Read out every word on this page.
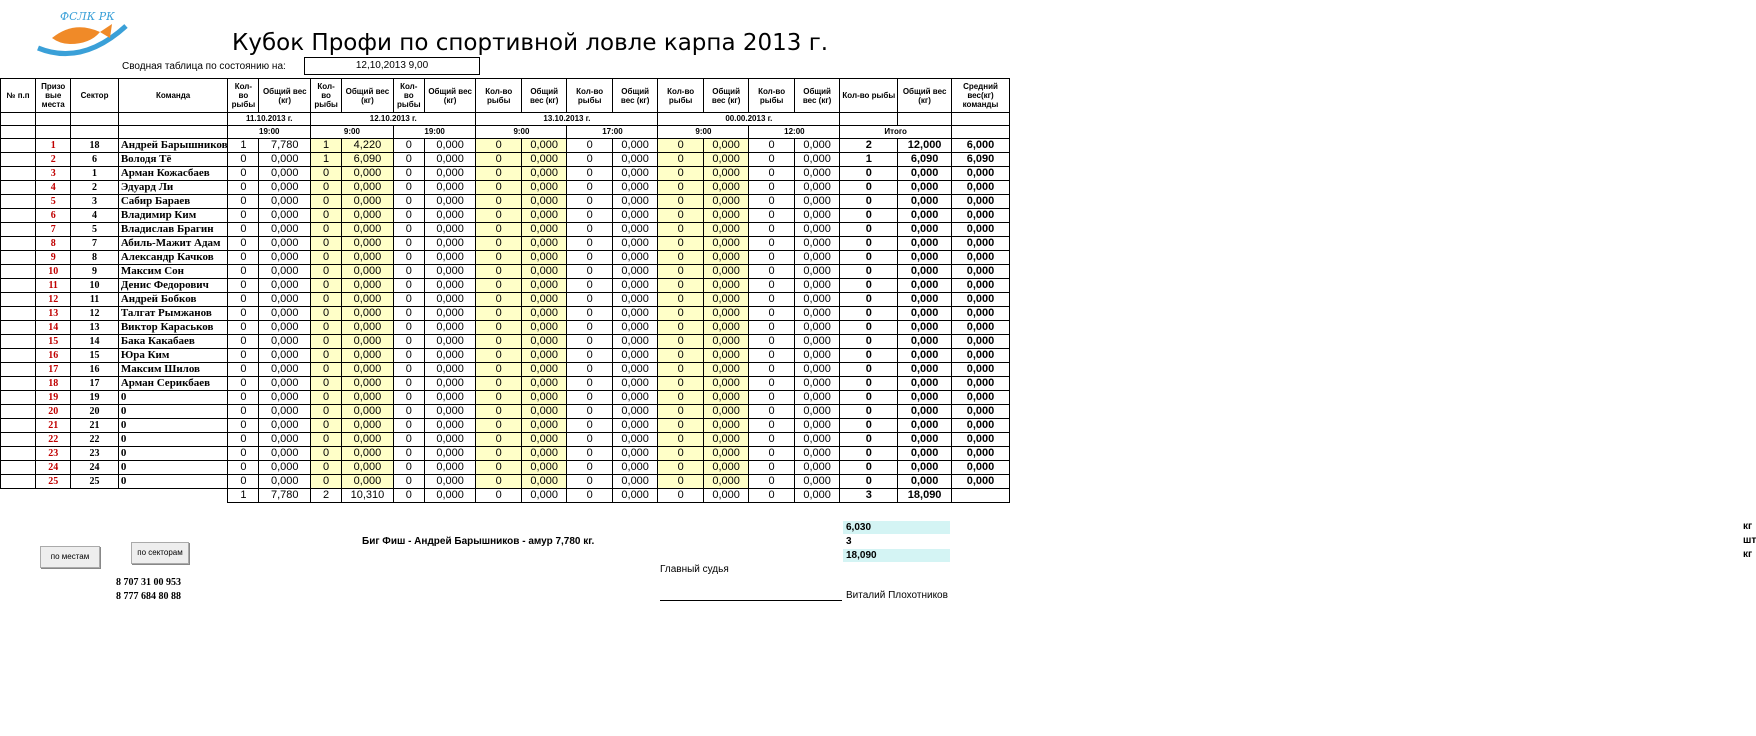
ФСЛК РК
Кубок Профи по спортивной ловле карпа 2013 г.
Сводная таблица по состоянию на:	12,10,2013 9,00
№ п.п	Призо вые места	Сектор	Команда	Кол-во рыбы	Общий вес (кг)	Кол-во рыбы	Общий вес (кг)	Кол-во рыбы	Общий вес (кг)	Кол-во рыбы	Общий вес (кг)	Кол-во рыбы	Общий вес (кг)	Кол-во рыбы	Общий вес (кг)	Кол-во рыбы	Общий вес (кг)	Кол-во рыбы	Общий вес (кг)	Средний вес(кг) команды
				11.10.2013 г.		12.10.2013 г.				13.10.2013 г.				00.00.2013 г.						
				19:00		9:00		19:00		9:00		17:00		9:00		12:00		Итого		
	1	18	Андрей Барышников	1	7,780	1	4,220	0	0,000	0	0,000	0	0,000	0	0,000	0	0,000	2	12,000	6,000
	2	6	Володя Тё	0	0,000	1	6,090	0	0,000	0	0,000	0	0,000	0	0,000	0	0,000	1	6,090	6,090
	3	1	Арман Кожасбаев	0	0,000	0	0,000	0	0,000	0	0,000	0	0,000	0	0,000	0	0,000	0	0,000	0,000
	4	2	Эдуард Ли	0	0,000	0	0,000	0	0,000	0	0,000	0	0,000	0	0,000	0	0,000	0	0,000	0,000
	5	3	Сабир Бараев	0	0,000	0	0,000	0	0,000	0	0,000	0	0,000	0	0,000	0	0,000	0	0,000	0,000
	6	4	Владимир Ким	0	0,000	0	0,000	0	0,000	0	0,000	0	0,000	0	0,000	0	0,000	0	0,000	0,000
	7	5	Владислав Брагин	0	0,000	0	0,000	0	0,000	0	0,000	0	0,000	0	0,000	0	0,000	0	0,000	0,000
	8	7	Абиль-Мажит Адам	0	0,000	0	0,000	0	0,000	0	0,000	0	0,000	0	0,000	0	0,000	0	0,000	0,000
	9	8	Александр Качков	0	0,000	0	0,000	0	0,000	0	0,000	0	0,000	0	0,000	0	0,000	0	0,000	0,000
	10	9	Максим Сон	0	0,000	0	0,000	0	0,000	0	0,000	0	0,000	0	0,000	0	0,000	0	0,000	0,000
	11	10	Денис Федорович	0	0,000	0	0,000	0	0,000	0	0,000	0	0,000	0	0,000	0	0,000	0	0,000	0,000
	12	11	Андрей Бобков	0	0,000	0	0,000	0	0,000	0	0,000	0	0,000	0	0,000	0	0,000	0	0,000	0,000
	13	12	Талгат Рымжанов	0	0,000	0	0,000	0	0,000	0	0,000	0	0,000	0	0,000	0	0,000	0	0,000	0,000
	14	13	Виктор Караськов	0	0,000	0	0,000	0	0,000	0	0,000	0	0,000	0	0,000	0	0,000	0	0,000	0,000
	15	14	Бака Какабаев	0	0,000	0	0,000	0	0,000	0	0,000	0	0,000	0	0,000	0	0,000	0	0,000	0,000
	16	15	Юра Ким	0	0,000	0	0,000	0	0,000	0	0,000	0	0,000	0	0,000	0	0,000	0	0,000	0,000
	17	16	Максим Шилов	0	0,000	0	0,000	0	0,000	0	0,000	0	0,000	0	0,000	0	0,000	0	0,000	0,000
	18	17	Арман Серикбаев	0	0,000	0	0,000	0	0,000	0	0,000	0	0,000	0	0,000	0	0,000	0	0,000	0,000
	19	19	0	0	0,000	0	0,000	0	0,000	0	0,000	0	0,000	0	0,000	0	0,000	0	0,000	0,000
	20	20	0	0	0,000	0	0,000	0	0,000	0	0,000	0	0,000	0	0,000	0	0,000	0	0,000	0,000
	21	21	0	0	0,000	0	0,000	0	0,000	0	0,000	0	0,000	0	0,000	0	0,000	0	0,000	0,000
	22	22	0	0	0,000	0	0,000	0	0,000	0	0,000	0	0,000	0	0,000	0	0,000	0	0,000	0,000
	23	23	0	0	0,000	0	0,000	0	0,000	0	0,000	0	0,000	0	0,000	0	0,000	0	0,000	0,000
	24	24	0	0	0,000	0	0,000	0	0,000	0	0,000	0	0,000	0	0,000	0	0,000	0	0,000	0,000
	25	25	0	0	0,000	0	0,000	0	0,000	0	0,000	0	0,000	0	0,000	0	0,000	0	0,000	0,000
				1	7,780	2	10,310	0	0,000	0	0,000	0	0,000	0	0,000	0	0,000	3	18,090	
по местам	по секторам
Биг Фиш - Андрей Барышников - амур 7,780 кг.
6,030	кг
3	шт
18,090	кг
8 707 31 00 953
8 777 684 80 88
Главный судья
Виталий Плохотников
